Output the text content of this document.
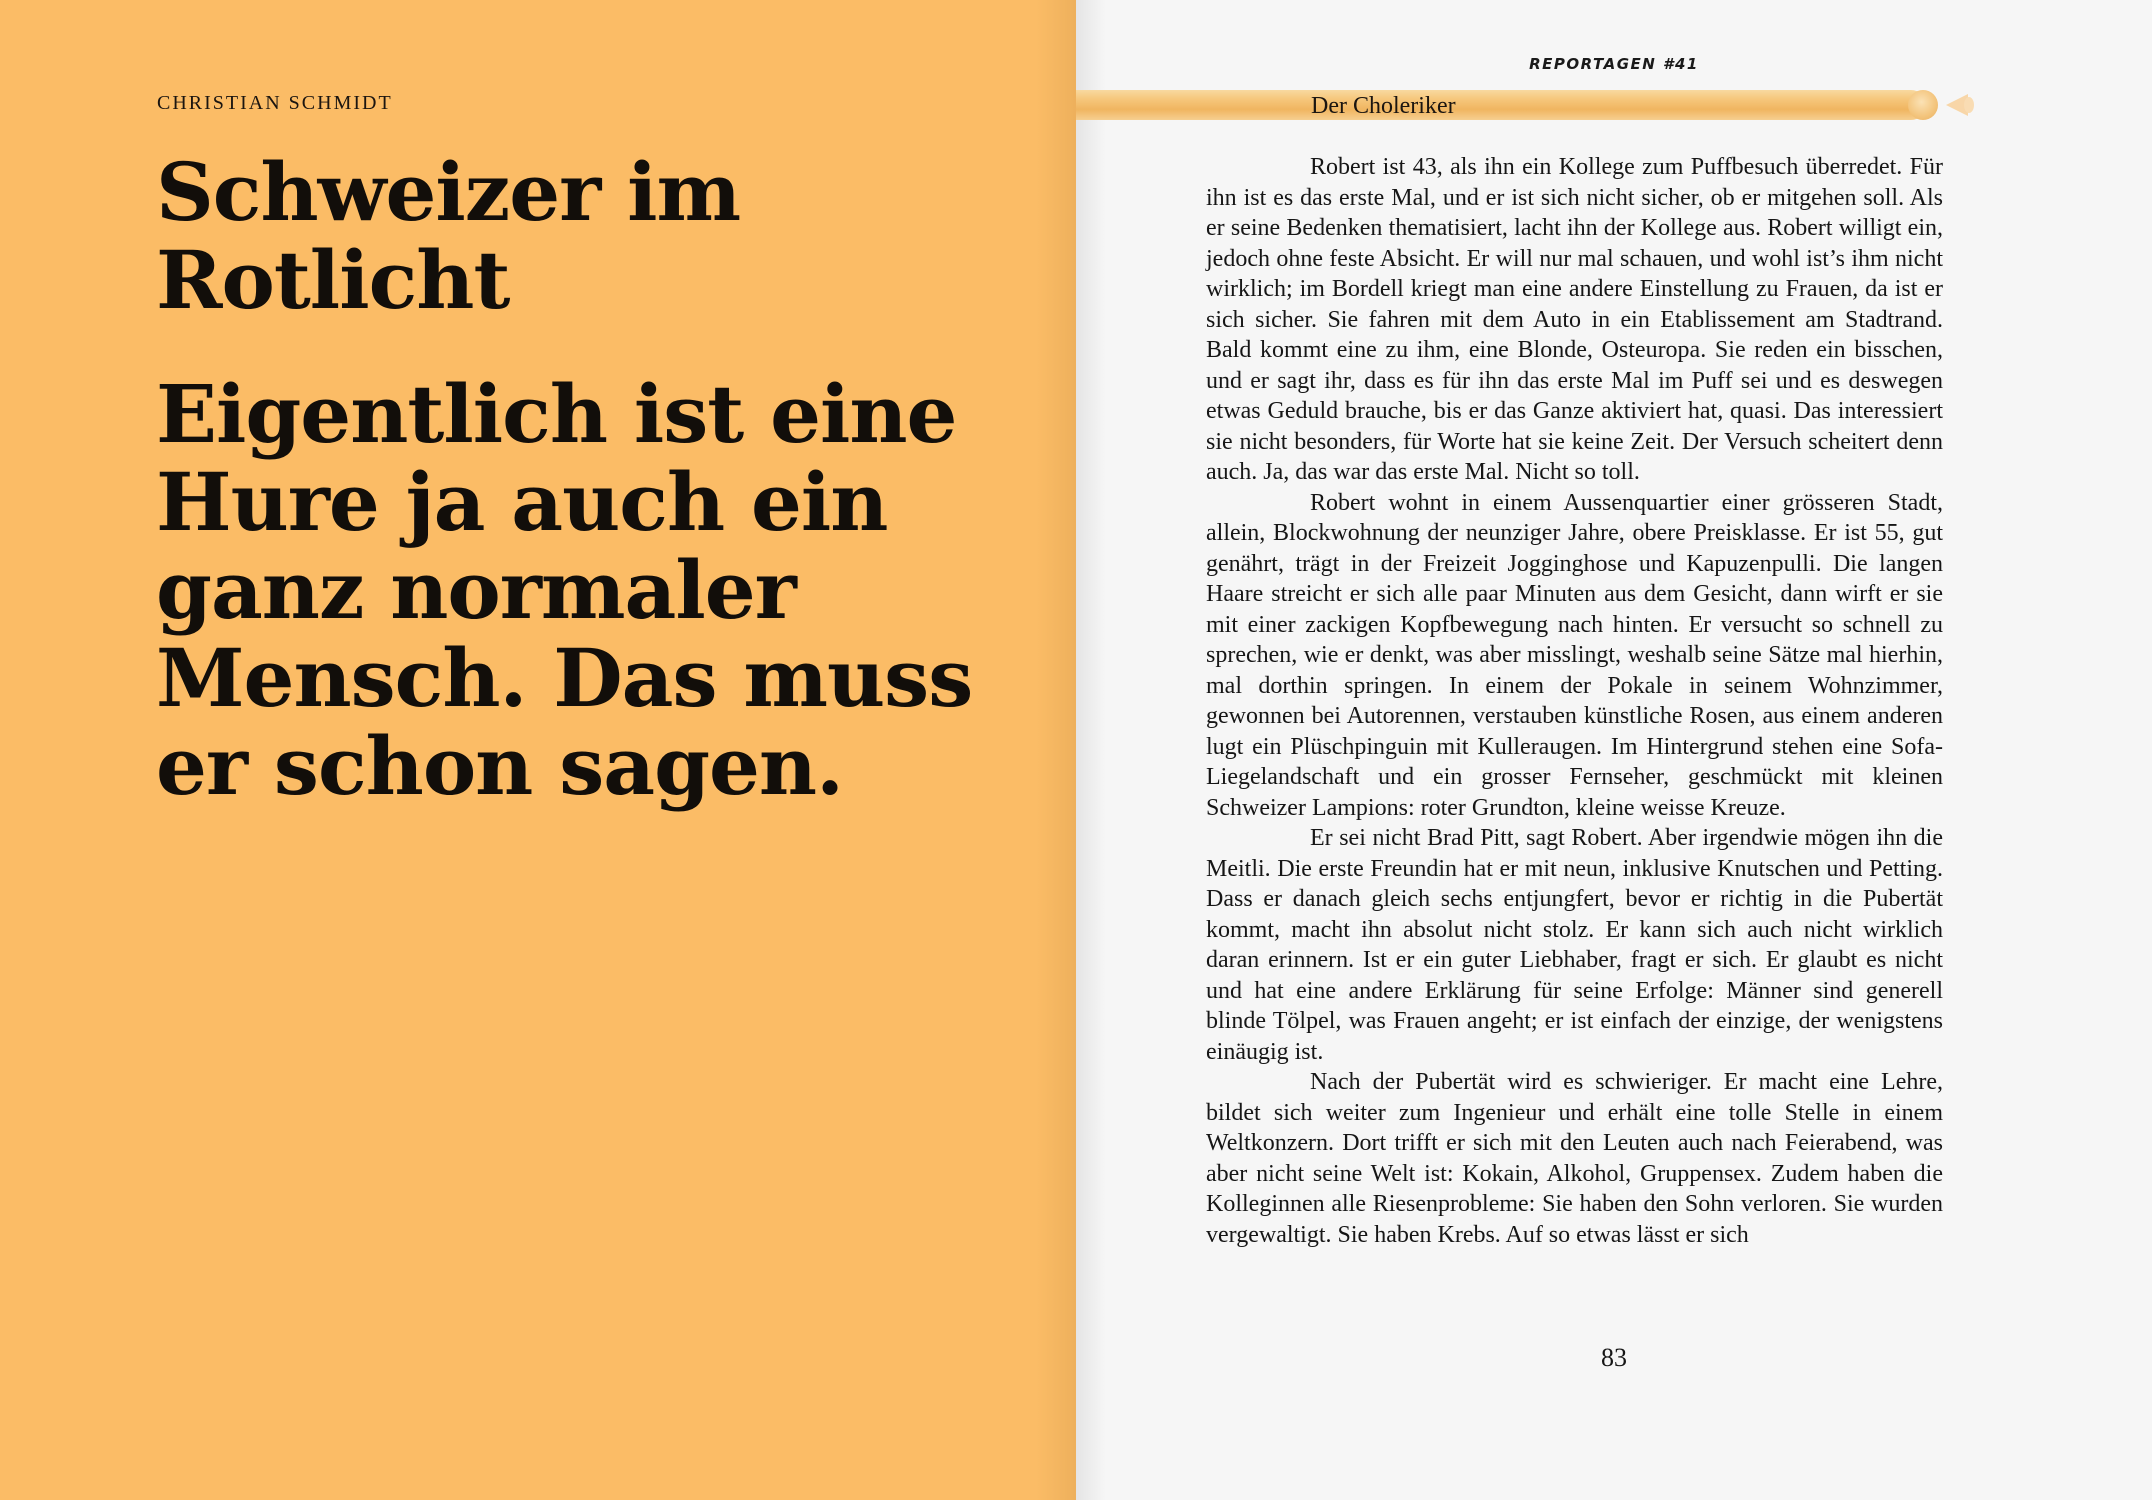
CHRISTIAN SCHMIDT

Schweizer im Rotlicht
Eigentlich ist eine Hure ja auch ein ganz normaler Mensch. Das muss er schon sagen.
REPORTAGEN #41
Der Choleriker

Robert ist 43, als ihn ein Kollege zum Puffbesuch überredet. Für ihn ist es das erste Mal, und er ist sich nicht sicher, ob er mitgehen soll. Als er seine Bedenken thematisiert, lacht ihn der Kollege aus. Robert willigt ein, jedoch ohne feste Absicht. Er will nur mal schauen, und wohl ist’s ihm nicht wirklich; im Bordell kriegt man eine andere Einstellung zu Frauen, da ist er sich sicher. Sie fahren mit dem Auto in ein Etablissement am Stadtrand. Bald kommt eine zu ihm, eine Blonde, Osteuropa. Sie reden ein bisschen, und er sagt ihr, dass es für ihn das erste Mal im Puff sei und es deswegen etwas Geduld brauche, bis er das Ganze aktiviert hat, quasi. Das interessiert sie nicht besonders, für Worte hat sie keine Zeit. Der Versuch scheitert denn auch. Ja, das war das erste Mal. Nicht so toll.

Robert wohnt in einem Aussenquartier einer grösseren Stadt, allein, Blockwohnung der neunziger Jahre, obere Preisklasse. Er ist 55, gut genährt, trägt in der Freizeit Jogginghose und Kapuzenpulli. Die langen Haare streicht er sich alle paar Minuten aus dem Gesicht, dann wirft er sie mit einer zackigen Kopfbewegung nach hinten. Er versucht so schnell zu sprechen, wie er denkt, was aber misslingt, weshalb seine Sätze mal hierhin, mal dorthin springen. In einem der Pokale in seinem Wohnzimmer, gewonnen bei Autorennen, verstauben künstliche Rosen, aus einem anderen lugt ein Plüschpinguin mit Kulleraugen. Im Hintergrund stehen eine Sofa-Liegelandschaft und ein grosser Fernseher, geschmückt mit kleinen Schweizer Lampions: roter Grundton, kleine weisse Kreuze.

Er sei nicht Brad Pitt, sagt Robert. Aber irgendwie mögen ihn die Meitli. Die erste Freundin hat er mit neun, inklusive Knutschen und Petting. Dass er danach gleich sechs entjungfert, bevor er richtig in die Pubertät kommt, macht ihn absolut nicht stolz. Er kann sich auch nicht wirklich daran erinnern. Ist er ein guter Liebhaber, fragt er sich. Er glaubt es nicht und hat eine andere Erklärung für seine Erfolge: Männer sind generell blinde Tölpel, was Frauen angeht; er ist einfach der einzige, der wenigstens einäugig ist.

Nach der Pubertät wird es schwieriger. Er macht eine Lehre, bildet sich weiter zum Ingenieur und erhält eine tolle Stelle in einem Weltkonzern. Dort trifft er sich mit den Leuten auch nach Feierabend, was aber nicht seine Welt ist: Kokain, Alkohol, Gruppensex. Zudem haben die Kolleginnen alle Riesenprobleme: Sie haben den Sohn verloren. Sie wurden vergewaltigt. Sie haben Krebs. Auf so etwas lässt er sich

83
